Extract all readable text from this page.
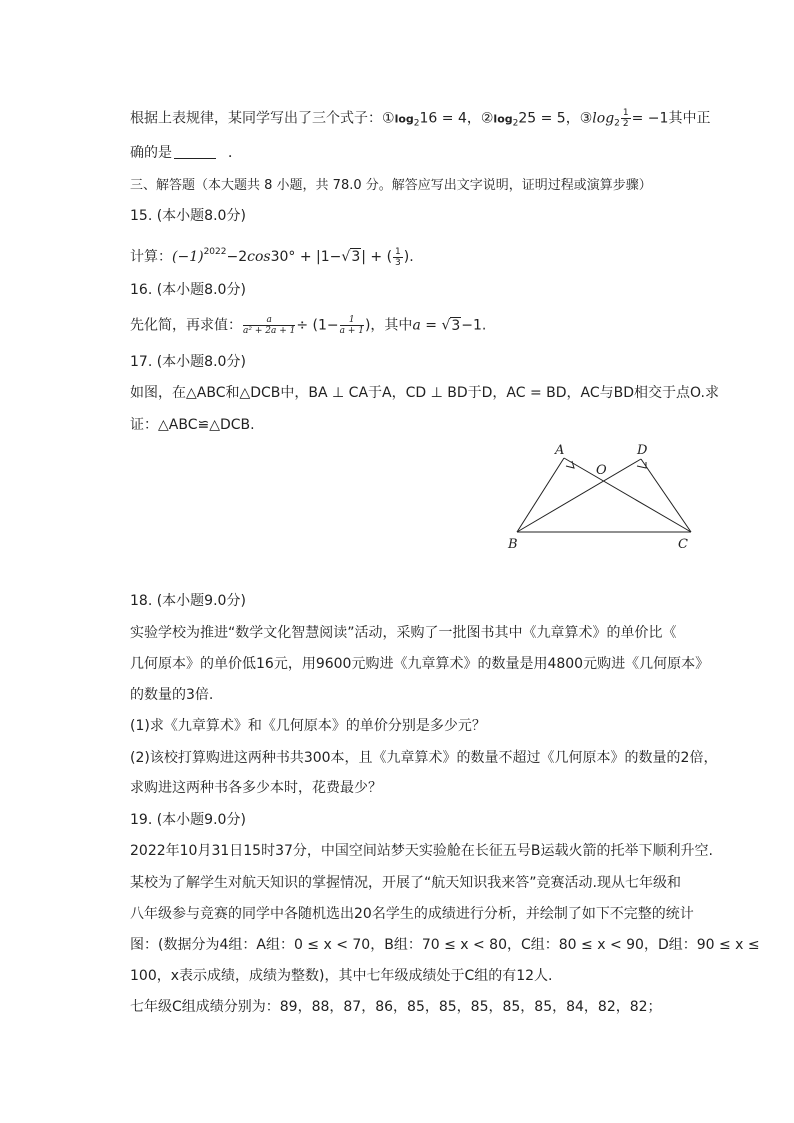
根据上表规律，某同学写出了三个式子：$①\log_216 = 4$，$②\log_225 = 5$，$③\log_2 \frac{1}{2} = -1$其中正
确的是	．
三、解答题（本大题共 8 小题，共 78.0 分。解答应写出文字说明，证明过程或演算步骤）
15. (本小题8.0分)
计算：$(-1)^{2022}-2\cos 30^\circ + |1-√3|$ + ( $\frac{1}{3}$ ).
16. (本小题8.0分)
先化简，再求值： $\frac{a}{\text{a² + 2a + 1}} \div (1- \frac{1}{a + 1}$ )，其中a = √3−1.
17. (本小题8.0分)
如图，在△ABC和△DCB中，BA ⊥ CA于A，CD ⊥ BD于D，AC = BD，AC与BD相交于点O.求
证：△ABC≌△DCB.
A	D
O
B	C
18. (本小题9.0分)
实验学校为推进“数学文化智慧阅读”活动，采购了一批图书其中《九章算术》的单价比《
几何原本》的单价低16元，用9600元购进《九章算术》的数量是用4800元购进《几何原本》
的数量的3倍.
(1)求《九章算术》和《几何原本》的单价分别是多少元？
(2)该校打算购进这两种书共300本，且《九章算术》的数量不超过《几何原本》的数量的2倍，
求购进这两种书各多少本时，花费最少？
19. (本小题9.0分)
2022年10月31日15时37分，中国空间站梦天实验舱在长征五号B运载火箭的托举下顺利升空.
某校为了解学生对航天知识的掌握情况，开展了“航天知识我来答”竞赛活动.现从七年级和
八年级参与竞赛的同学中各随机选出20名学生的成绩进行分析，并绘制了如下不完整的统计
图：(数据分为4组：A组：0 ≤ x < 70，B组：70 ≤ x < 80，C组：80 ≤ x < 90，D组：90 ≤ x ≤
100，x表示成绩，成绩为整数)，其中七年级成绩处于C组的有12人.
七年级C组成绩分别为：89，88，87，86，85，85，85，85，85，84，82，82；
